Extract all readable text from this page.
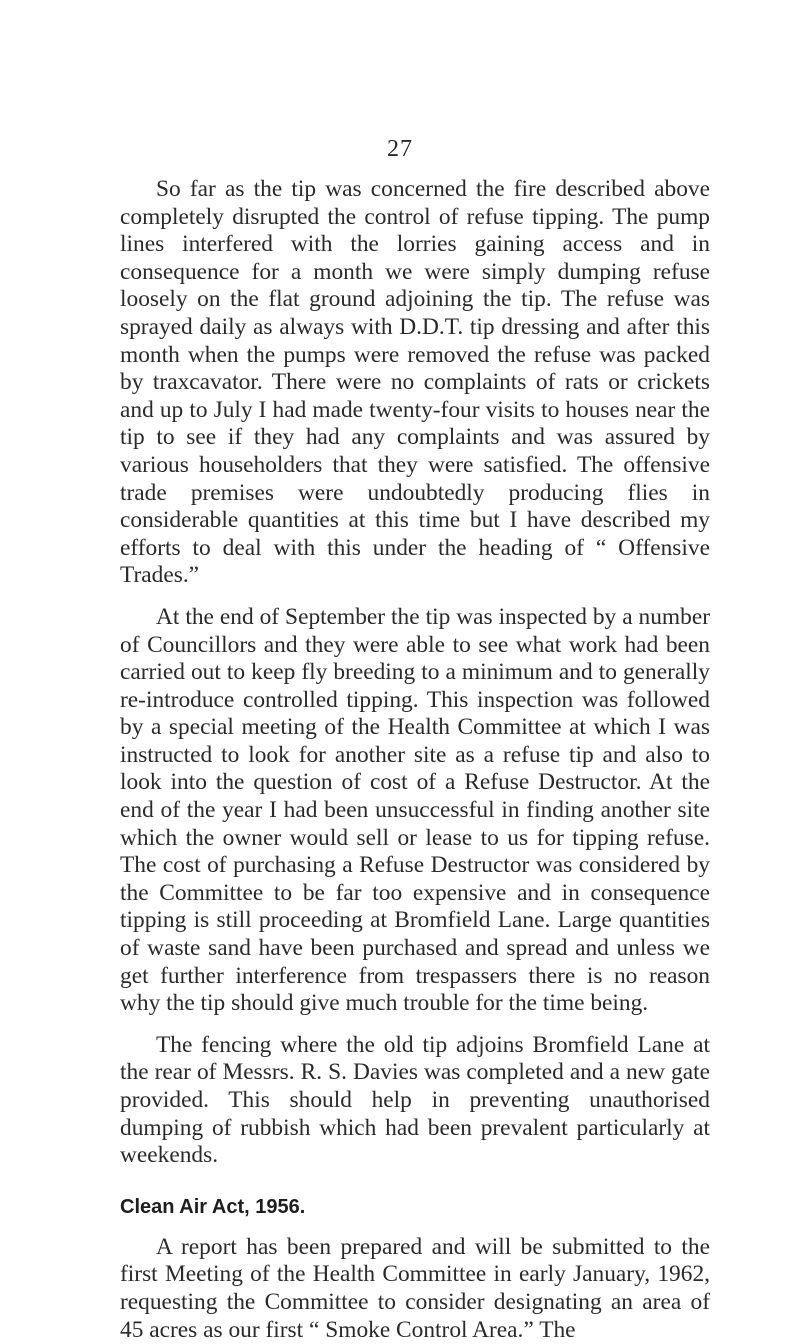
27

So far as the tip was concerned the fire described above completely disrupted the control of refuse tipping. The pump lines interfered with the lorries gaining access and in consequence for a month we were simply dumping refuse loosely on the flat ground adjoining the tip. The refuse was sprayed daily as always with D.D.T. tip dressing and after this month when the pumps were removed the refuse was packed by traxcavator. There were no complaints of rats or crickets and up to July I had made twenty-four visits to houses near the tip to see if they had any complaints and was assured by various householders that they were satisfied. The offensive trade premises were undoubtedly producing flies in considerable quantities at this time but I have described my efforts to deal with this under the heading of “ Offensive Trades.”

At the end of September the tip was inspected by a number of Councillors and they were able to see what work had been carried out to keep fly breeding to a minimum and to generally re-introduce controlled tipping. This inspection was followed by a special meeting of the Health Committee at which I was instructed to look for another site as a refuse tip and also to look into the question of cost of a Refuse Destructor. At the end of the year I had been unsuccessful in finding another site which the owner would sell or lease to us for tipping refuse. The cost of purchasing a Refuse Destructor was considered by the Committee to be far too expensive and in consequence tipping is still proceeding at Bromfield Lane. Large quantities of waste sand have been purchased and spread and unless we get further interference from trespassers there is no reason why the tip should give much trouble for the time being.

The fencing where the old tip adjoins Bromfield Lane at the rear of Messrs. R. S. Davies was completed and a new gate provided. This should help in preventing unauthorised dumping of rubbish which had been prevalent particularly at weekends.

Clean Air Act, 1956.

A report has been prepared and will be submitted to the first Meeting of the Health Committee in early January, 1962, requesting the Committee to consider designating an area of 45 acres as our first “ Smoke Control Area.” The
